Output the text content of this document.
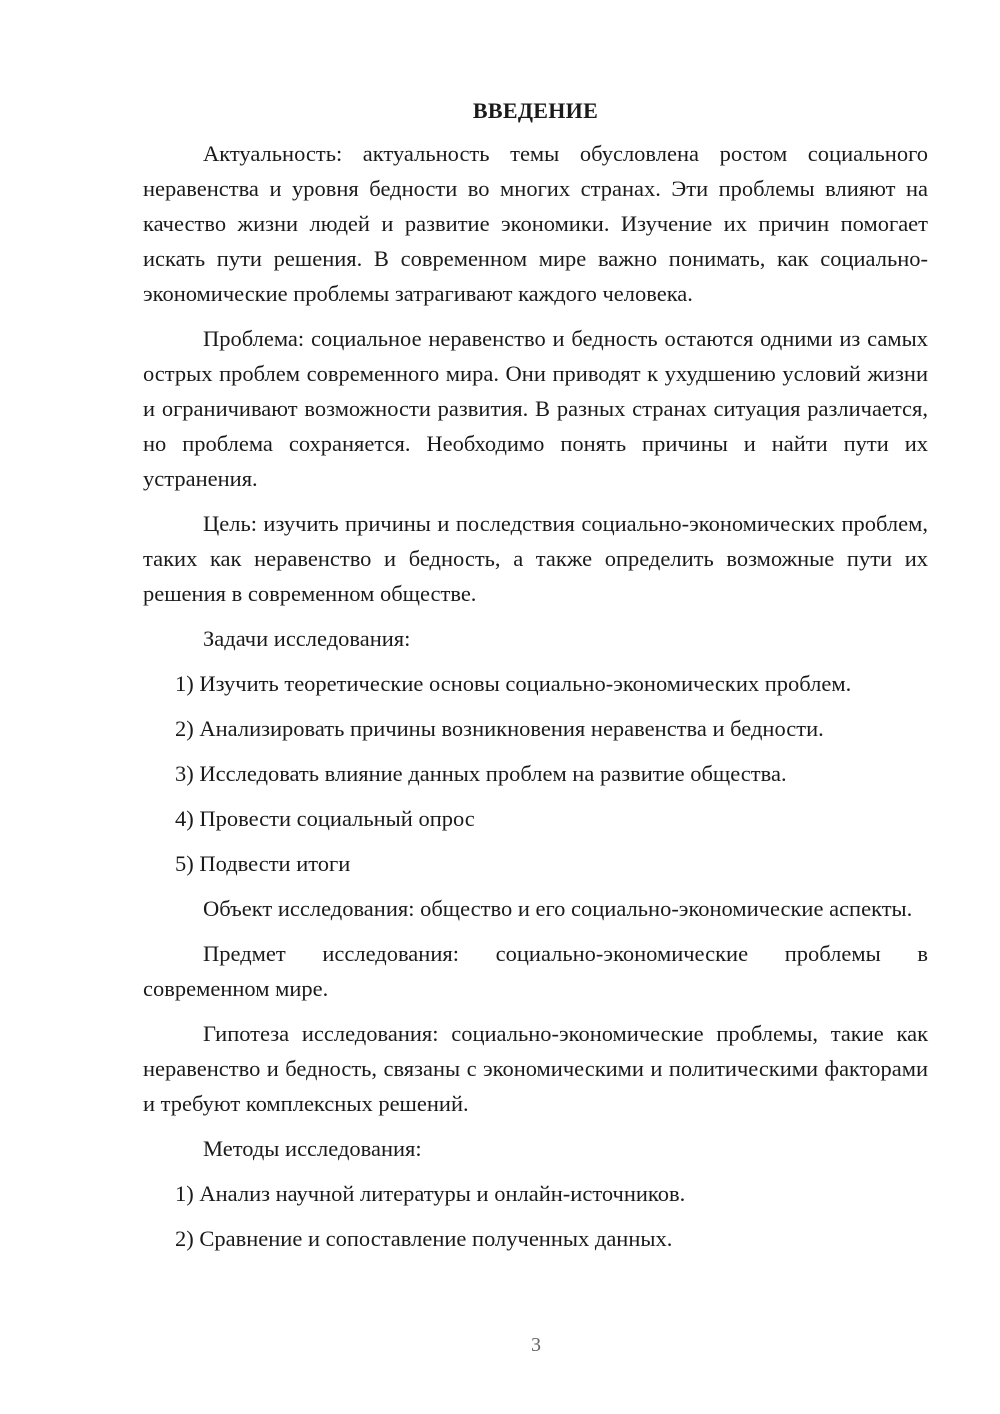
ВВЕДЕНИЕ

Актуальность: актуальность темы обусловлена ростом социального неравенства и уровня бедности во многих странах. Эти проблемы влияют на качество жизни людей и развитие экономики. Изучение их причин помогает искать пути решения. В современном мире важно понимать, как социально-экономические проблемы затрагивают каждого человека.

Проблема: социальное неравенство и бедность остаются одними из самых острых проблем современного мира. Они приводят к ухудшению условий жизни и ограничивают возможности развития. В разных странах ситуация различается, но проблема сохраняется. Необходимо понять причины и найти пути их устранения.

Цель: изучить причины и последствия социально-экономических проблем, таких как неравенство и бедность, а также определить возможные пути их решения в современном обществе.

Задачи исследования:

1) Изучить теоретические основы социально-экономических проблем.
2) Анализировать причины возникновения неравенства и бедности.
3) Исследовать влияние данных проблем на развитие общества.
4) Провести социальный опрос
5) Подвести итоги

Объект исследования: общество и его социально-экономические аспекты.

Предмет исследования: социально-экономические проблемы в современном мире.

Гипотеза исследования: социально-экономические проблемы, такие как неравенство и бедность, связаны с экономическими и политическими факторами и требуют комплексных решений.

Методы исследования:

1) Анализ научной литературы и онлайн-источников.
2) Сравнение и сопоставление полученных данных.
3
